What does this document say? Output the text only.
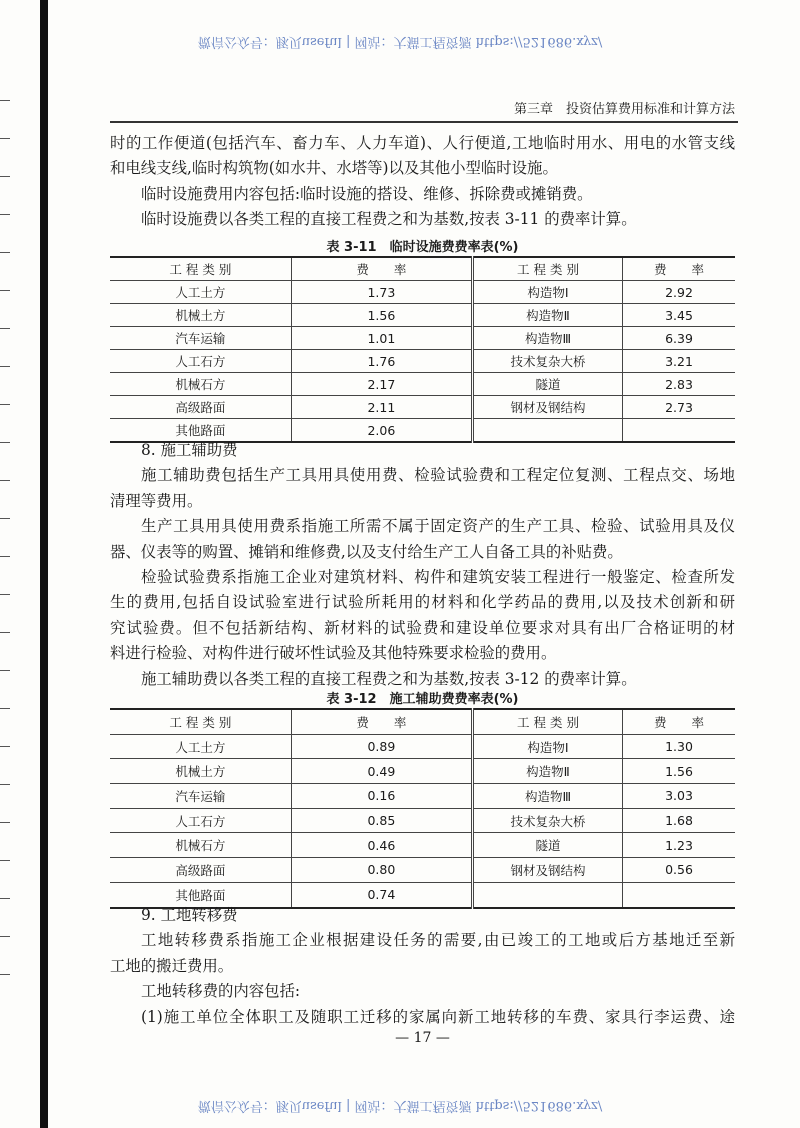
微信公众号：豚贝useful | 网站：大猫工程资源 https://521686.xyz/
第三章　投资估算费用标准和计算方法
时的工作便道(包括汽车、畜力车、人力车道)、人行便道,工地临时用水、用电的水管支线
和电线支线,临时构筑物(如水井、水塔等)以及其他小型临时设施。
临时设施费用内容包括:临时设施的搭设、维修、拆除费或摊销费。
临时设施费以各类工程的直接工程费之和为基数,按表 3-11 的费率计算。
表 3-11　临时设施费费率表(%)
工 程 类 别	费　　率	工 程 类 别	费　　率
人工土方	1.73	构造物Ⅰ	2.92
机械土方	1.56	构造物Ⅱ	3.45
汽车运输	1.01	构造物Ⅲ	6.39
人工石方	1.76	技术复杂大桥	3.21
机械石方	2.17	隧道	2.83
高级路面	2.11	钢材及钢结构	2.73
其他路面	2.06		
8. 施工辅助费
施工辅助费包括生产工具用具使用费、检验试验费和工程定位复测、工程点交、场地
清理等费用。
生产工具用具使用费系指施工所需不属于固定资产的生产工具、检验、试验用具及仪
器、仪表等的购置、摊销和维修费,以及支付给生产工人自备工具的补贴费。
检验试验费系指施工企业对建筑材料、构件和建筑安装工程进行一般鉴定、检查所发
生的费用,包括自设试验室进行试验所耗用的材料和化学药品的费用,以及技术创新和研
究试验费。但不包括新结构、新材料的试验费和建设单位要求对具有出厂合格证明的材
料进行检验、对构件进行破坏性试验及其他特殊要求检验的费用。
施工辅助费以各类工程的直接工程费之和为基数,按表 3-12 的费率计算。
表 3-12　施工辅助费费率表(%)
工 程 类 别	费　　率	工 程 类 别	费　　率
人工土方	0.89	构造物Ⅰ	1.30
机械土方	0.49	构造物Ⅱ	1.56
汽车运输	0.16	构造物Ⅲ	3.03
人工石方	0.85	技术复杂大桥	1.68
机械石方	0.46	隧道	1.23
高级路面	0.80	钢材及钢结构	0.56
其他路面	0.74		
9. 工地转移费
工地转移费系指施工企业根据建设任务的需要,由已竣工的工地或后方基地迁至新
工地的搬迁费用。
工地转移费的内容包括:
(1)施工单位全体职工及随职工迁移的家属向新工地转移的车费、家具行李运费、途
— 17 —
微信公众号：豚贝useful | 网站：大猫工程资源 https://521686.xyz/
